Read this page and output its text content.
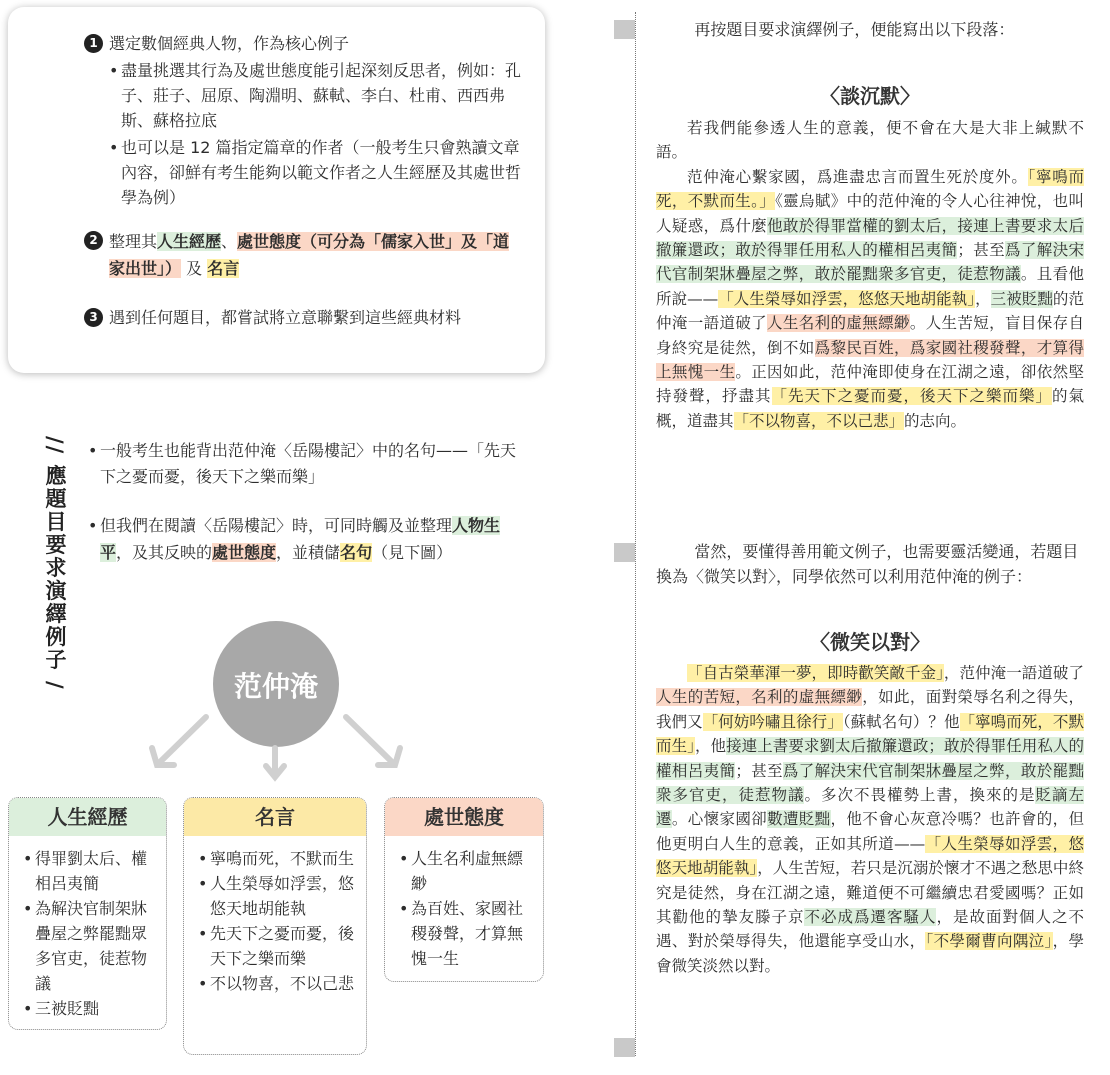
1 選定數個經典人物，作為核心例子
• 盡量挑選其行為及處世態度能引起深刻反思者，例如：孔子、莊子、屈原、陶淵明、蘇軾、李白、杜甫、西西弗斯、蘇格拉底
• 也可以是 12 篇指定篇章的作者（一般考生只會熟讀文章內容，卻鮮有考生能夠以範文作者之人生經歷及其處世哲學為例）
2 整理其人生經歷、處世態度（可分為「儒家入世」及「道家出世」） 及 名言
3 遇到任何題目，都嘗試將立意聯繫到這些經典材料
// 應題目要求演繹例子 /
•	一般考生也能背出范仲淹〈岳陽樓記〉中的名句——「先天下之憂而憂，後天下之樂而樂」
• 但我們在閱讀〈岳陽樓記〉時，可同時觸及並整理人物生平，及其反映的處世態度，並積儲名句（見下圖）
范仲淹
人生經歷
• 得罪劉太后、權相呂夷簡
• 為解決官制架牀疊屋之弊罷黜眾多官吏，徒惹物議
• 三被貶黜
名言
• 寧鳴而死，不默而生
• 人生榮辱如浮雲，悠悠天地胡能執
• 先天下之憂而憂，後天下之樂而樂
• 不以物喜，不以己悲
處世態度
• 人生名利虛無縹緲
• 為百姓、家國社稷發聲，才算無愧一生
再按題目要求演繹例子，便能寫出以下段落：
〈談沉默〉

若我們能參透人生的意義，便不會在大是大非上緘默不語。

范仲淹心繫家國，爲進盡忠言而置生死於度外。「寧鳴而死，不默而生。」《靈烏賦》中的范仲淹的令人心往神悅，也叫人疑惑，爲什麼他敢於得罪當權的劉太后，接連上書要求太后撤簾還政；敢於得罪任用私人的權相呂夷簡；甚至爲了解決宋代官制架牀疊屋之弊，敢於罷黜衆多官吏，徒惹物議。且看他所說——「人生榮辱如浮雲，悠悠天地胡能執」，三被貶黜的范仲淹一語道破了人生名利的虛無縹緲。人生苦短，盲目保存自身終究是徒然，倒不如爲黎民百姓，爲家國社稷發聲，才算得上無愧一生。正因如此，范仲淹即使身在江湖之遠，卻依然堅持發聲，抒盡其「先天下之憂而憂，後天下之樂而樂」的氣概，道盡其「不以物喜，不以己悲」的志向。

當然，要懂得善用範文例子，也需要靈活變通，若題目換為〈微笑以對〉，同學依然可以利用范仲淹的例子：
〈微笑以對〉

「自古榮華渾一夢，即時歡笑敵千金」，范仲淹一語道破了人生的苦短，名利的虛無縹緲，如此，面對榮辱名利之得失，我們又「何妨吟嘯且徐行」（蘇軾名句）？他「寧鳴而死，不默而生」，他接連上書要求劉太后撤簾還政；敢於得罪任用私人的權相呂夷簡；甚至爲了解決宋代官制架牀疊屋之弊，敢於罷黜衆多官吏，徒惹物議。多次不畏權勢上書，換來的是貶謫左遷。心懷家國卻數遭貶黜，他不會心灰意冷嗎？也許會的，但他更明白人生的意義，正如其所道——「人生榮辱如浮雲，悠悠天地胡能執」，人生苦短，若只是沉溺於懷才不遇之愁思中終究是徒然，身在江湖之遠，難道便不可繼續忠君愛國嗎？正如其勸他的摯友滕子京不必成爲遷客騷人，是故面對個人之不遇、對於榮辱得失，他還能享受山水，「不學爾曹向隅泣」，學會微笑淡然以對。
